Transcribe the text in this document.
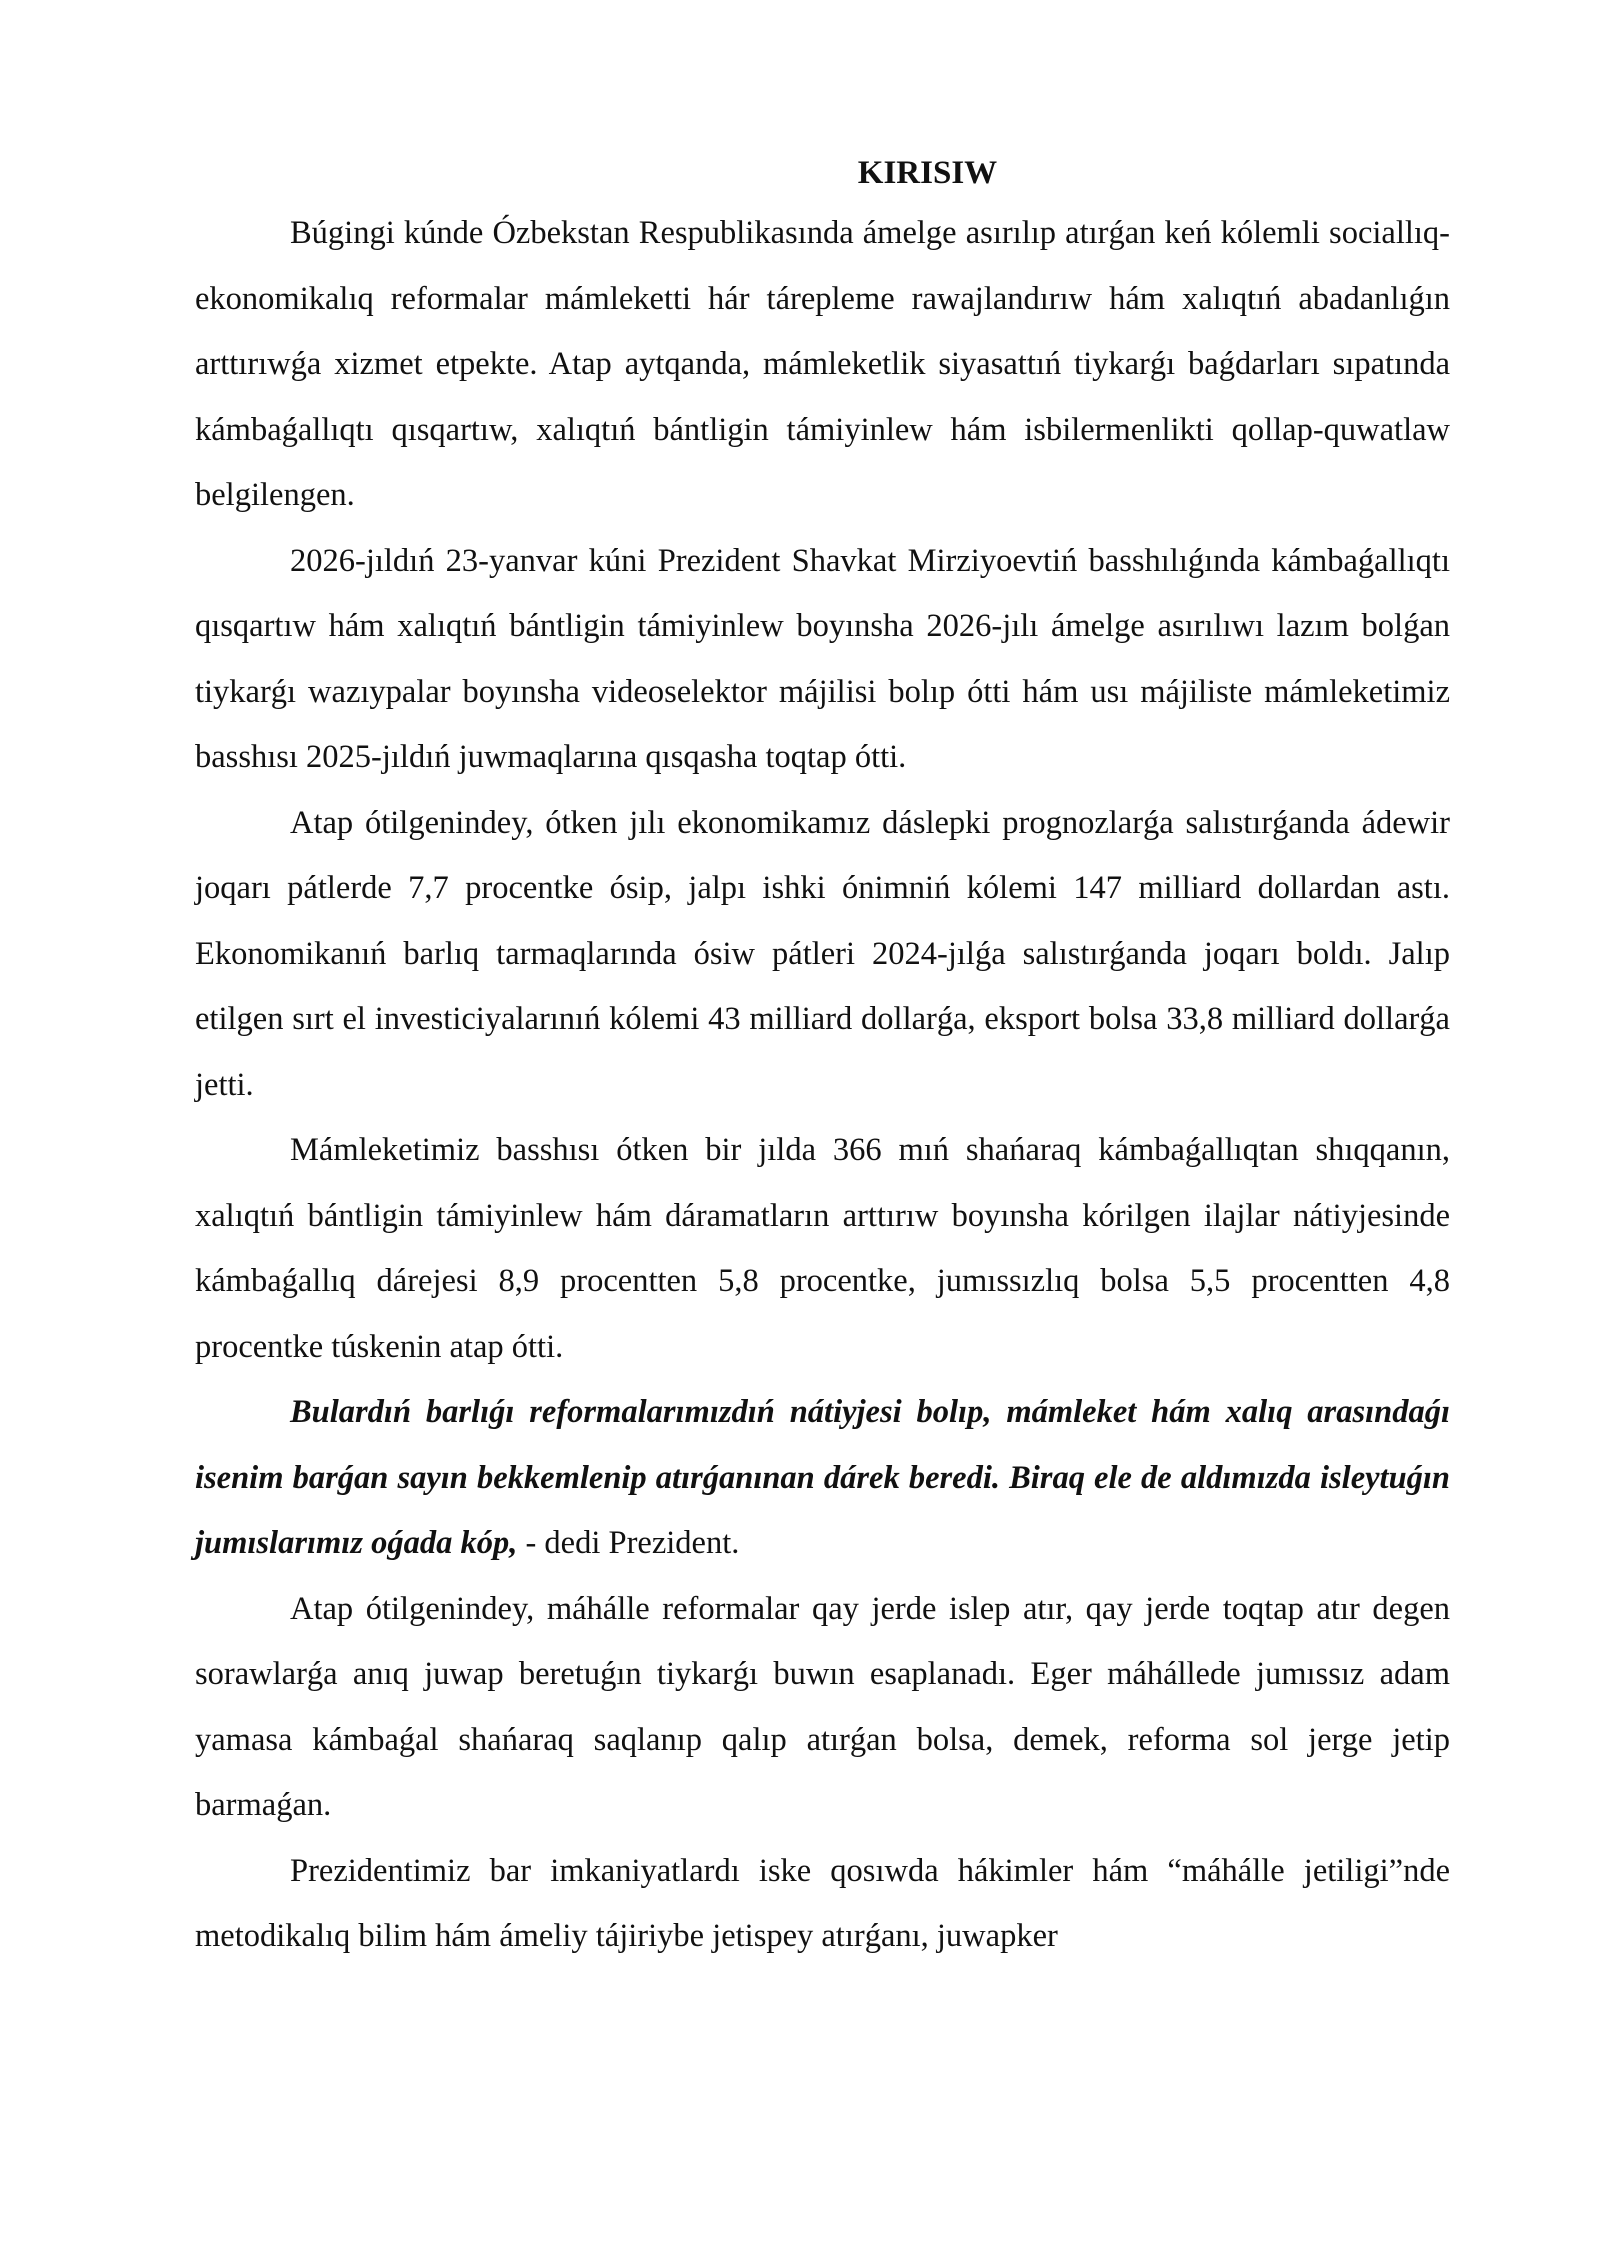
KIRISIW

Búgingi kúnde Ózbekstan Respublikasında ámelge asırılıp atırǵan keń kólemli sociallıq-ekonomikalıq reformalar mámleketti hár tárepleme rawajlandırıw hám xalıqtıń abadanlıǵın arttırıwǵa xizmet etpekte. Atap aytqanda, mámleketlik siyasattıń tiykarǵı baǵdarları sıpatında kámbaǵallıqtı qısqartıw, xalıqtıń bántligin támiyinlew hám isbilermenlikti qollap-quwatlaw belgilengen.

2026-jıldıń 23-yanvar kúni Prezident Shavkat Mirziyoevtiń basshılıǵında kámbaǵallıqtı qısqartıw hám xalıqtıń bántligin támiyinlew boyınsha 2026-jılı ámelge asırılıwı lazım bolǵan tiykarǵı wazıypalar boyınsha videoselektor májilisi bolıp ótti hám usı májiliste mámleketimiz basshısı 2025-jıldıń juwmaqlarına qısqasha toqtap ótti.

Atap ótilgenindey, ótken jılı ekonomikamız dáslepki prognozlarǵa salıstırǵanda ádewir joqarı pátlerde 7,7 procentke ósip, jalpı ishki ónimniń kólemi 147 milliard dollardan astı. Ekonomikanıń barlıq tarmaqlarında ósiw pátleri 2024-jılǵa salıstırǵanda joqarı boldı. Jalıp etilgen sırt el investiciyalarınıń kólemi 43 milliard dollarǵa, eksport bolsa 33,8 milliard dollarǵa jetti.

Mámleketimiz basshısı ótken bir jılda 366 mıń shańaraq kámbaǵallıqtan shıqqanın, xalıqtıń bántligin támiyinlew hám dáramatların arttırıw boyınsha kórilgen ilajlar nátiyjesinde kámbaǵallıq dárejesi 8,9 procentten 5,8 procentke, jumıssızlıq bolsa 5,5 procentten 4,8 procentke túskenin atap ótti.

Bulardıń barlıǵı reformalarımızdıń nátiyjesi bolıp, mámleket hám xalıq arasındaǵı isenim barǵan sayın bekkemlenip atırǵanınan dárek beredi. Biraq ele de aldımızda isleytuǵın jumıslarımız oǵada kóp, - dedi Prezident.

Atap ótilgenindey, máhálle reformalar qay jerde islep atır, qay jerde toqtap atır degen sorawlarǵa anıq juwap beretuǵın tiykarǵı buwın esaplanadı. Eger máhállede jumıssız adam yamasa kámbaǵal shańaraq saqlanıp qalıp atırǵan bolsa, demek, reforma sol jerge jetip barmaǵan.

Prezidentimiz bar imkaniyatlardı iske qosıwda hákimler hám “máhálle jetiligi”nde metodikalıq bilim hám ámeliy tájiriybe jetispey atırǵanı, juwapker
